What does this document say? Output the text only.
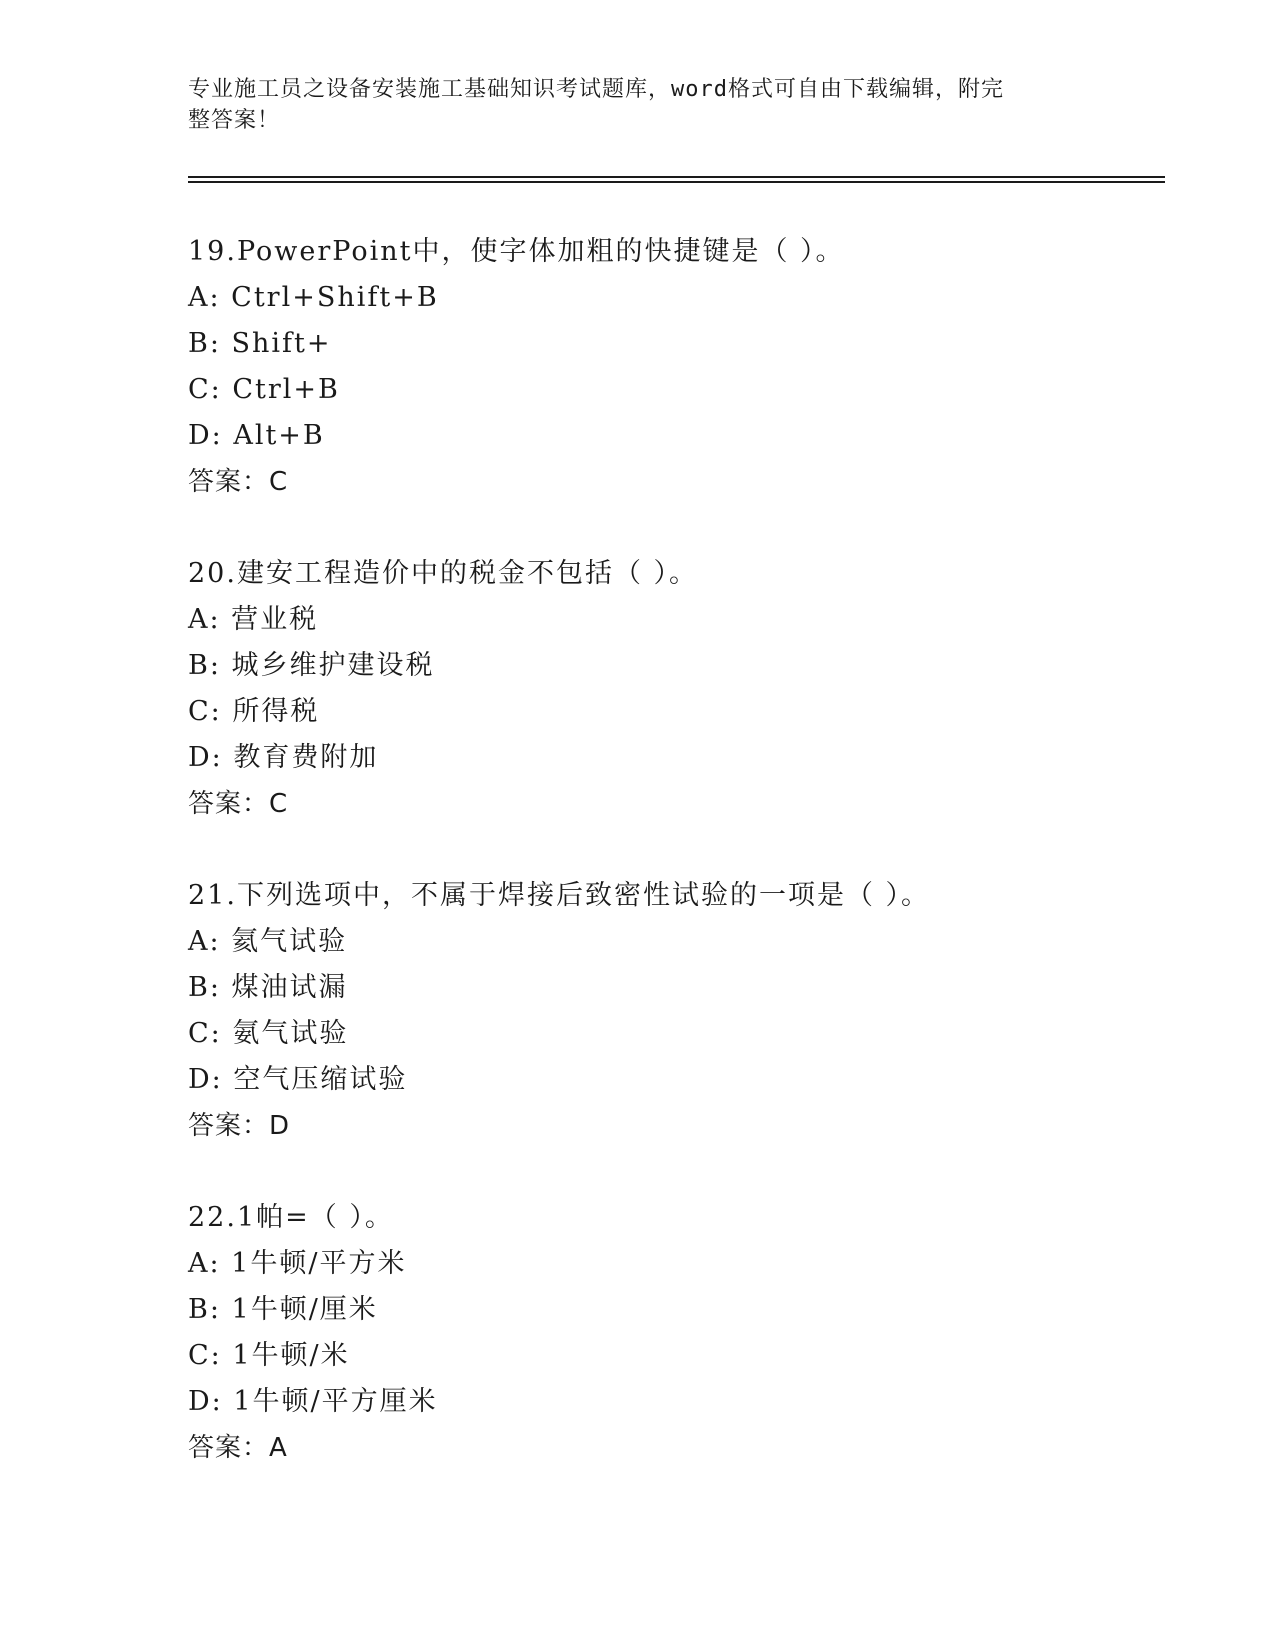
专业施工员之设备安装施工基础知识考试题库，word格式可自由下载编辑，附完
整答案！
19.PowerPoint中，使字体加粗的快捷键是（ ）。
A: Ctrl+Shift+B
B: Shift+
C: Ctrl+B
D: Alt+B
答案：C
20.建安工程造价中的税金不包括（ ）。
A: 营业税
B: 城乡维护建设税
C: 所得税
D: 教育费附加
答案：C
21.下列选项中，不属于焊接后致密性试验的一项是（ ）。
A: 氦气试验
B: 煤油试漏
C: 氨气试验
D: 空气压缩试验
答案：D
22.1帕=（ ）。
A: 1牛顿/平方米
B: 1牛顿/厘米
C: 1牛顿/米
D: 1牛顿/平方厘米
答案：A
